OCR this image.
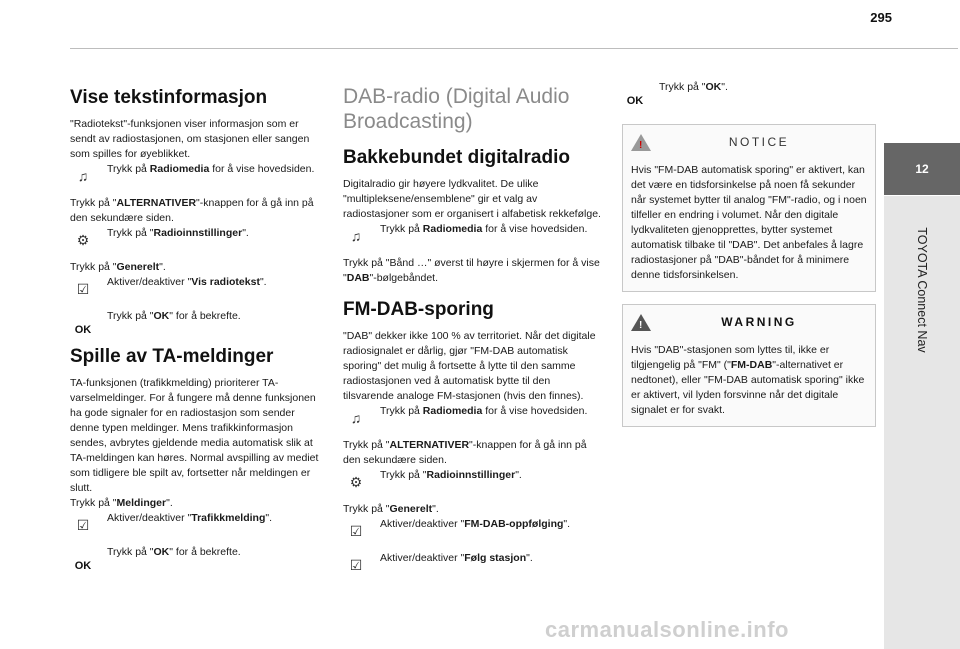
295
12
TOYOTA Connect Nav
Vise tekstinformasjon

"Radiotekst"-funksjonen viser informasjon som er sendt av radiostasjonen, om stasjonen eller sangen som spilles for øyeblikket.

♫	Trykk på Radiomedia for å vise hovedsiden.

Trykk på "ALTERNATIVER"-knappen for å gå inn på den sekundære siden.

⚙	Trykk på "Radioinnstillinger".

Trykk på "Generelt".

☑	Aktiver/deaktiver "Vis radiotekst".
OK
Trykk på "OK" for å bekrefte.
Spille av TA-meldinger

TA-funksjonen (trafikkmelding) prioriterer TA-varselmeldinger. For å fungere må denne funksjonen ha gode signaler for en radiostasjon som sender denne typen meldinger. Mens trafikkinformasjon sendes, avbrytes gjeldende media automatisk slik at TA-meldingen kan høres. Normal avspilling av mediet som tidligere ble spilt av, fortsetter når meldingen er slutt.

Trykk på "Meldinger".

☑	Aktiver/deaktiver "Trafikkmelding".
OK
Trykk på "OK" for å bekrefte.
DAB-radio (Digital Audio Broadcasting)
Bakkebundet digitalradio

Digitalradio gir høyere lydkvalitet. De ulike "multipleksene/ensemblene" gir et valg av radiostasjoner som er organisert i alfabetisk rekkefølge.

♫	Trykk på Radiomedia for å vise hovedsiden.

Trykk på "Bånd …" øverst til høyre i skjermen for å vise "DAB"-bølgebåndet.

FM-DAB-sporing

"DAB" dekker ikke 100 % av territoriet. Når det digitale radiosignalet er dårlig, gjør "FM-DAB automatisk sporing" det mulig å fortsette å lytte til den samme radiostasjonen ved å automatisk bytte til den tilsvarende analoge FM-stasjonen (hvis den finnes).

♫	Trykk på Radiomedia for å vise hovedsiden.

Trykk på "ALTERNATIVER"-knappen for å gå inn på den sekundære siden.

⚙	Trykk på "Radioinnstillinger".

Trykk på "Generelt".

☑	Aktiver/deaktiver "FM-DAB-oppfølging".
☑	Aktiver/deaktiver "Følg stasjon".
OK
Trykk på "OK".
!
NOTICE

Hvis "FM-DAB automatisk sporing" er aktivert, kan det være en tidsforsinkelse på noen få sekunder når systemet bytter til analog "FM"-radio, og i noen tilfeller en endring i volumet. Når den digitale lydkvaliteten gjenopprettes, bytter systemet automatisk tilbake til "DAB". Det anbefales å lagre radiostasjoner på "DAB"-båndet for å minimere denne tidsforsinkelsen.

!
WARNING

Hvis "DAB"-stasjonen som lyttes til, ikke er tilgjengelig på "FM" ("FM-DAB"-alternativet er nedtonet), eller "FM-DAB automatisk sporing" ikke er aktivert, vil lyden forsvinne når det digitale signalet er for svakt.

carmanualsonline.info
